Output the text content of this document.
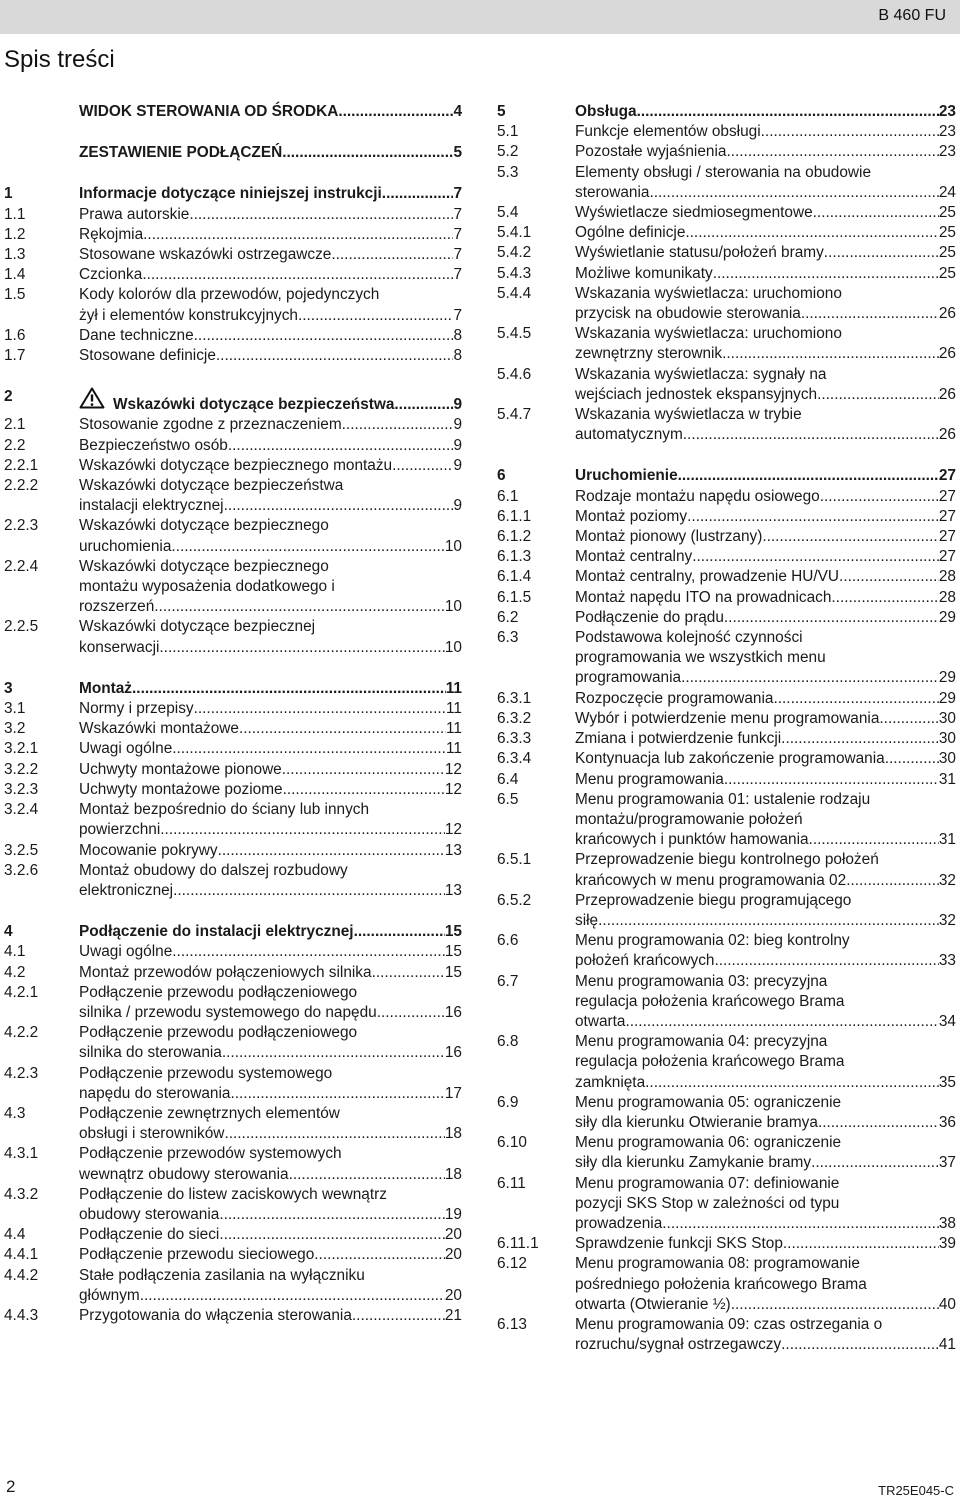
B 460 FU
Spis treści
WIDOK STEROWANIA OD ŚRODKA .....	4
ZESTAWIENIE PODŁĄCZEŃ .....	5
1	Informacje dotyczące niniejszej instrukcji .....	7
1.1	Prawa autorskie .....	7
1.2	Rękojmia .....	7
1.3	Stosowane wskazówki ostrzegawcze .....	7
1.4	Czcionka .....	7
1.5	Kody kolorów dla przewodów, pojedynczych
żył i elementów konstrukcyjnych .....	7
1.6	Dane techniczne .....	8
1.7	Stosowane definicje .....	8
2	Wskazówki dotyczące bezpieczeństwa .....	9
2.1	Stosowanie zgodne z przeznaczeniem .....	9
2.2	Bezpieczeństwo osób .....	9
2.2.1	Wskazówki dotyczące bezpiecznego montażu .....	9
2.2.2	Wskazówki dotyczące bezpieczeństwa
instalacji elektrycznej .....	9
2.2.3	Wskazówki dotyczące bezpiecznego
uruchomienia .....	10
2.2.4	Wskazówki dotyczące bezpiecznego
montażu wyposażenia dodatkowego i
rozszerzeń .....	10
2.2.5	Wskazówki dotyczące bezpiecznej
konserwacji .....	10
3	Montaż .....	11
3.1	Normy i przepisy .....	11
3.2	Wskazówki montażowe .....	11
3.2.1	Uwagi ogólne .....	11
3.2.2	Uchwyty montażowe pionowe .....	12
3.2.3	Uchwyty montażowe poziome .....	12
3.2.4	Montaż bezpośrednio do ściany lub innych
powierzchni .....	12
3.2.5	Mocowanie pokrywy .....	13
3.2.6	Montaż obudowy do dalszej rozbudowy
elektronicznej .....	13
4	Podłączenie do instalacji elektrycznej .....	15
4.1	Uwagi ogólne .....	15
4.2	Montaż przewodów połączeniowych silnika .....	15
4.2.1	Podłączenie przewodu podłączeniowego
silnika / przewodu systemowego do napędu .....	16
4.2.2	Podłączenie przewodu podłączeniowego
silnika do sterowania .....	16
4.2.3	Podłączenie przewodu systemowego
napędu do sterowania .....	17
4.3	Podłączenie zewnętrznych elementów
obsługi i sterowników .....	18
4.3.1	Podłączenie przewodów systemowych
wewnątrz obudowy sterowania .....	18
4.3.2	Podłączenie do listew zaciskowych wewnątrz
obudowy sterowania .....	19
4.4	Podłączenie do sieci .....	20
4.4.1	Podłączenie przewodu sieciowego .....	20
4.4.2	Stałe podłączenia zasilania na wyłączniku
głównym .....	20
4.4.3	Przygotowania do włączenia sterowania .....	21
5	Obsługa .....	23
5.1	Funkcje elementów obsługi .....	23
5.2	Pozostałe wyjaśnienia .....	23
5.3	Elementy obsługi / sterowania na obudowie
sterowania .....	24
5.4	Wyświetlacze siedmiosegmentowe .....	25
5.4.1	Ogólne definicje .....	25
5.4.2	Wyświetlanie statusu/położeń bramy .....	25
5.4.3	Możliwe komunikaty .....	25
5.4.4	Wskazania wyświetlacza: uruchomiono
przycisk na obudowie sterowania .....	26
5.4.5	Wskazania wyświetlacza: uruchomiono
zewnętrzny sterownik .....	26
5.4.6	Wskazania wyświetlacza: sygnały na
wejściach jednostek ekspansyjnych .....	26
5.4.7	Wskazania wyświetlacza w trybie
automatycznym .....	26
6	Uruchomienie .....	27
6.1	Rodzaje montażu napędu osiowego .....	27
6.1.1	Montaż poziomy .....	27
6.1.2	Montaż pionowy (lustrzany) .....	27
6.1.3	Montaż centralny .....	27
6.1.4	Montaż centralny, prowadzenie HU/VU .....	28
6.1.5	Montaż napędu ITO na prowadnicach .....	28
6.2	Podłączenie do prądu .....	29
6.3	Podstawowa kolejność czynności
programowania we wszystkich menu
programowania .....	29
6.3.1	Rozpoczęcie programowania .....	29
6.3.2	Wybór i potwierdzenie menu programowania .....	30
6.3.3	Zmiana i potwierdzenie funkcji .....	30
6.3.4	Kontynuacja lub zakończenie programowania .....	30
6.4	Menu programowania .....	31
6.5	Menu programowania 01: ustalenie rodzaju
montażu/programowanie położeń
krańcowych i punktów hamowania .....	31
6.5.1	Przeprowadzenie biegu kontrolnego położeń
krańcowych w menu programowania 02 .....	32
6.5.2	Przeprowadzenie biegu programującego
siłę .....	32
6.6	Menu programowania 02: bieg kontrolny
położeń krańcowych .....	33
6.7	Menu programowania 03: precyzyjna
regulacja położenia krańcowego Brama
otwarta .....	34
6.8	Menu programowania 04: precyzyjna
regulacja położenia krańcowego Brama
zamknięta .....	35
6.9	Menu programowania 05: ograniczenie
siły dla kierunku Otwieranie bramya .....	36
6.10	Menu programowania 06: ograniczenie
siły dla kierunku Zamykanie bramy .....	37
6.11	Menu programowania 07: definiowanie
pozycji SKS Stop w zależności od typu
prowadzenia .....	38
6.11.1	Sprawdzenie funkcji SKS Stop .....	39
6.12	Menu programowania 08: programowanie
pośredniego położenia krańcowego Brama
otwarta (Otwieranie ½) .....	40
6.13	Menu programowania 09: czas ostrzegania o
rozruchu/sygnał ostrzegawczy .....	41
2	TR25E045-C
